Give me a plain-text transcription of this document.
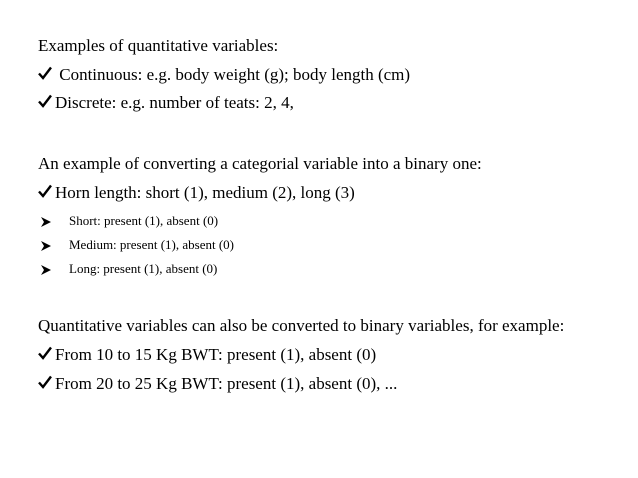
Examples of quantitative variables:
Continuous: e.g. body weight (g); body length (cm)
Discrete: e.g. number of teats: 2, 4,
An example of converting a categorial variable into a binary one:
Horn length: short (1), medium (2), long (3)
Short: present (1), absent (0)
Medium: present (1), absent (0)
Long: present (1), absent (0)
Quantitative variables can also be converted to binary variables, for example:
From 10 to 15 Kg BWT: present (1), absent (0)
From 20 to 25 Kg BWT: present (1), absent (0), ...
